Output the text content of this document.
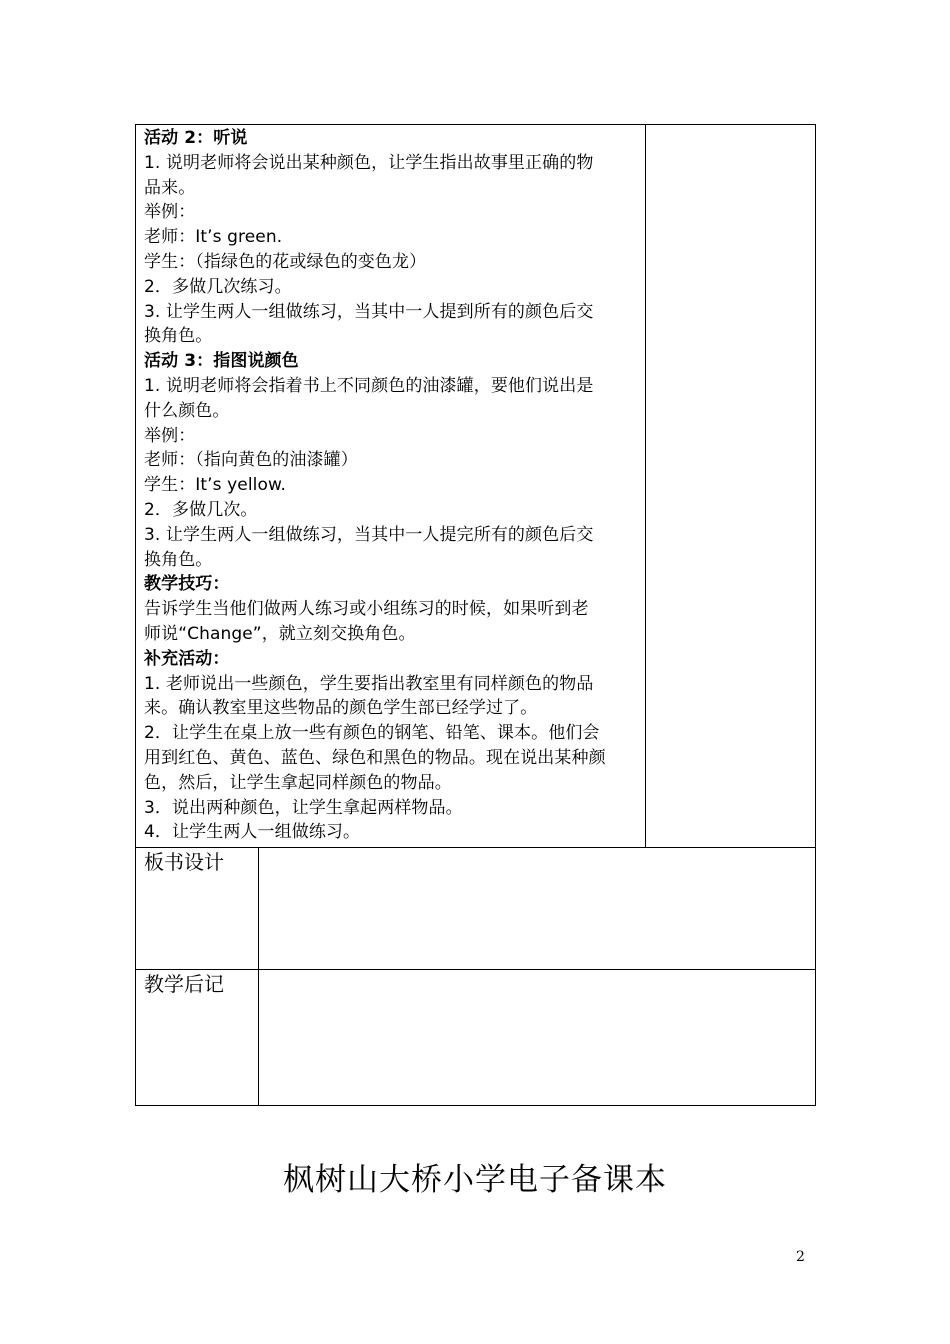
活动 2：听说
1. 说明老师将会说出某种颜色，让学生指出故事里正确的物
品来。
举例：
老师：It’s green.
学生：（指绿色的花或绿色的变色龙）
2．多做几次练习。
3. 让学生两人一组做练习，当其中一人提到所有的颜色后交
换角色。
活动 3：指图说颜色
1. 说明老师将会指着书上不同颜色的油漆罐，要他们说出是
什么颜色。
举例：
老师：（指向黄色的油漆罐）
学生：It’s yellow.
2．多做几次。
3. 让学生两人一组做练习，当其中一人提完所有的颜色后交
换角色。
教学技巧：
告诉学生当他们做两人练习或小组练习的时候，如果听到老
师说“Change”，就立刻交换角色。
补充活动：
1. 老师说出一些颜色，学生要指出教室里有同样颜色的物品
来。确认教室里这些物品的颜色学生部已经学过了。
2．让学生在桌上放一些有颜色的钢笔、铅笔、课本。他们会
用到红色、黄色、蓝色、绿色和黑色的物品。现在说出某种颜
色，然后，让学生拿起同样颜色的物品。
3．说出两种颜色，让学生拿起两样物品。
4．让学生两人一组做练习。
板书设计
教学后记
枫树山大桥小学电子备课本
2
